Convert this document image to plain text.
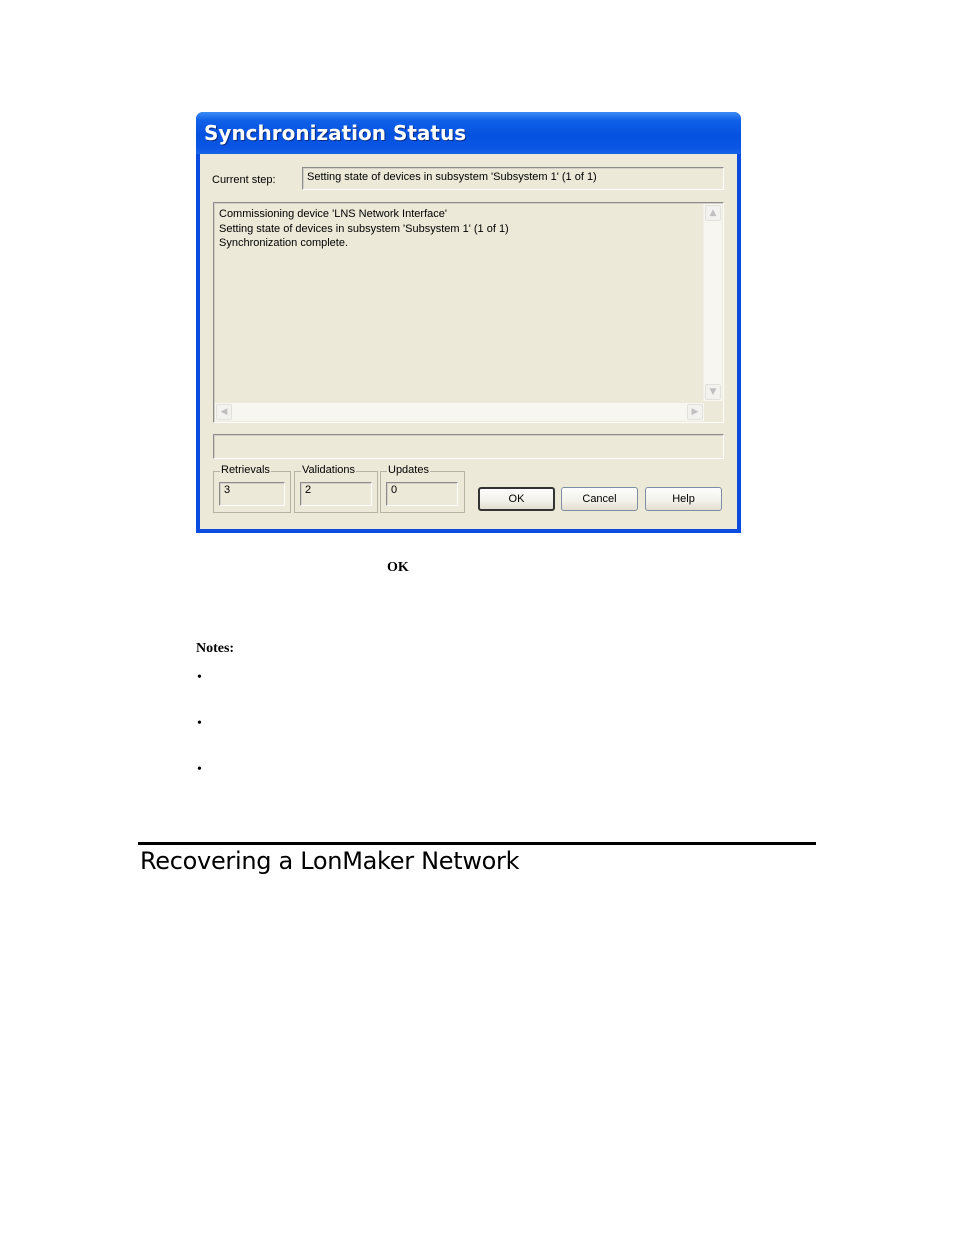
Synchronization Status
Current step:	Setting state of devices in subsystem 'Subsystem 1' (1 of 1)
Commissioning device 'LNS Network Interface'
Setting state of devices in subsystem 'Subsystem 1' (1 of 1)
Synchronization complete.
▲
▼
◀	▶
Retrievals
3
Validations
2
Updates
0
OK	Cancel	Help
OK
Notes:
•
•
•
Recovering a LonMaker Network
